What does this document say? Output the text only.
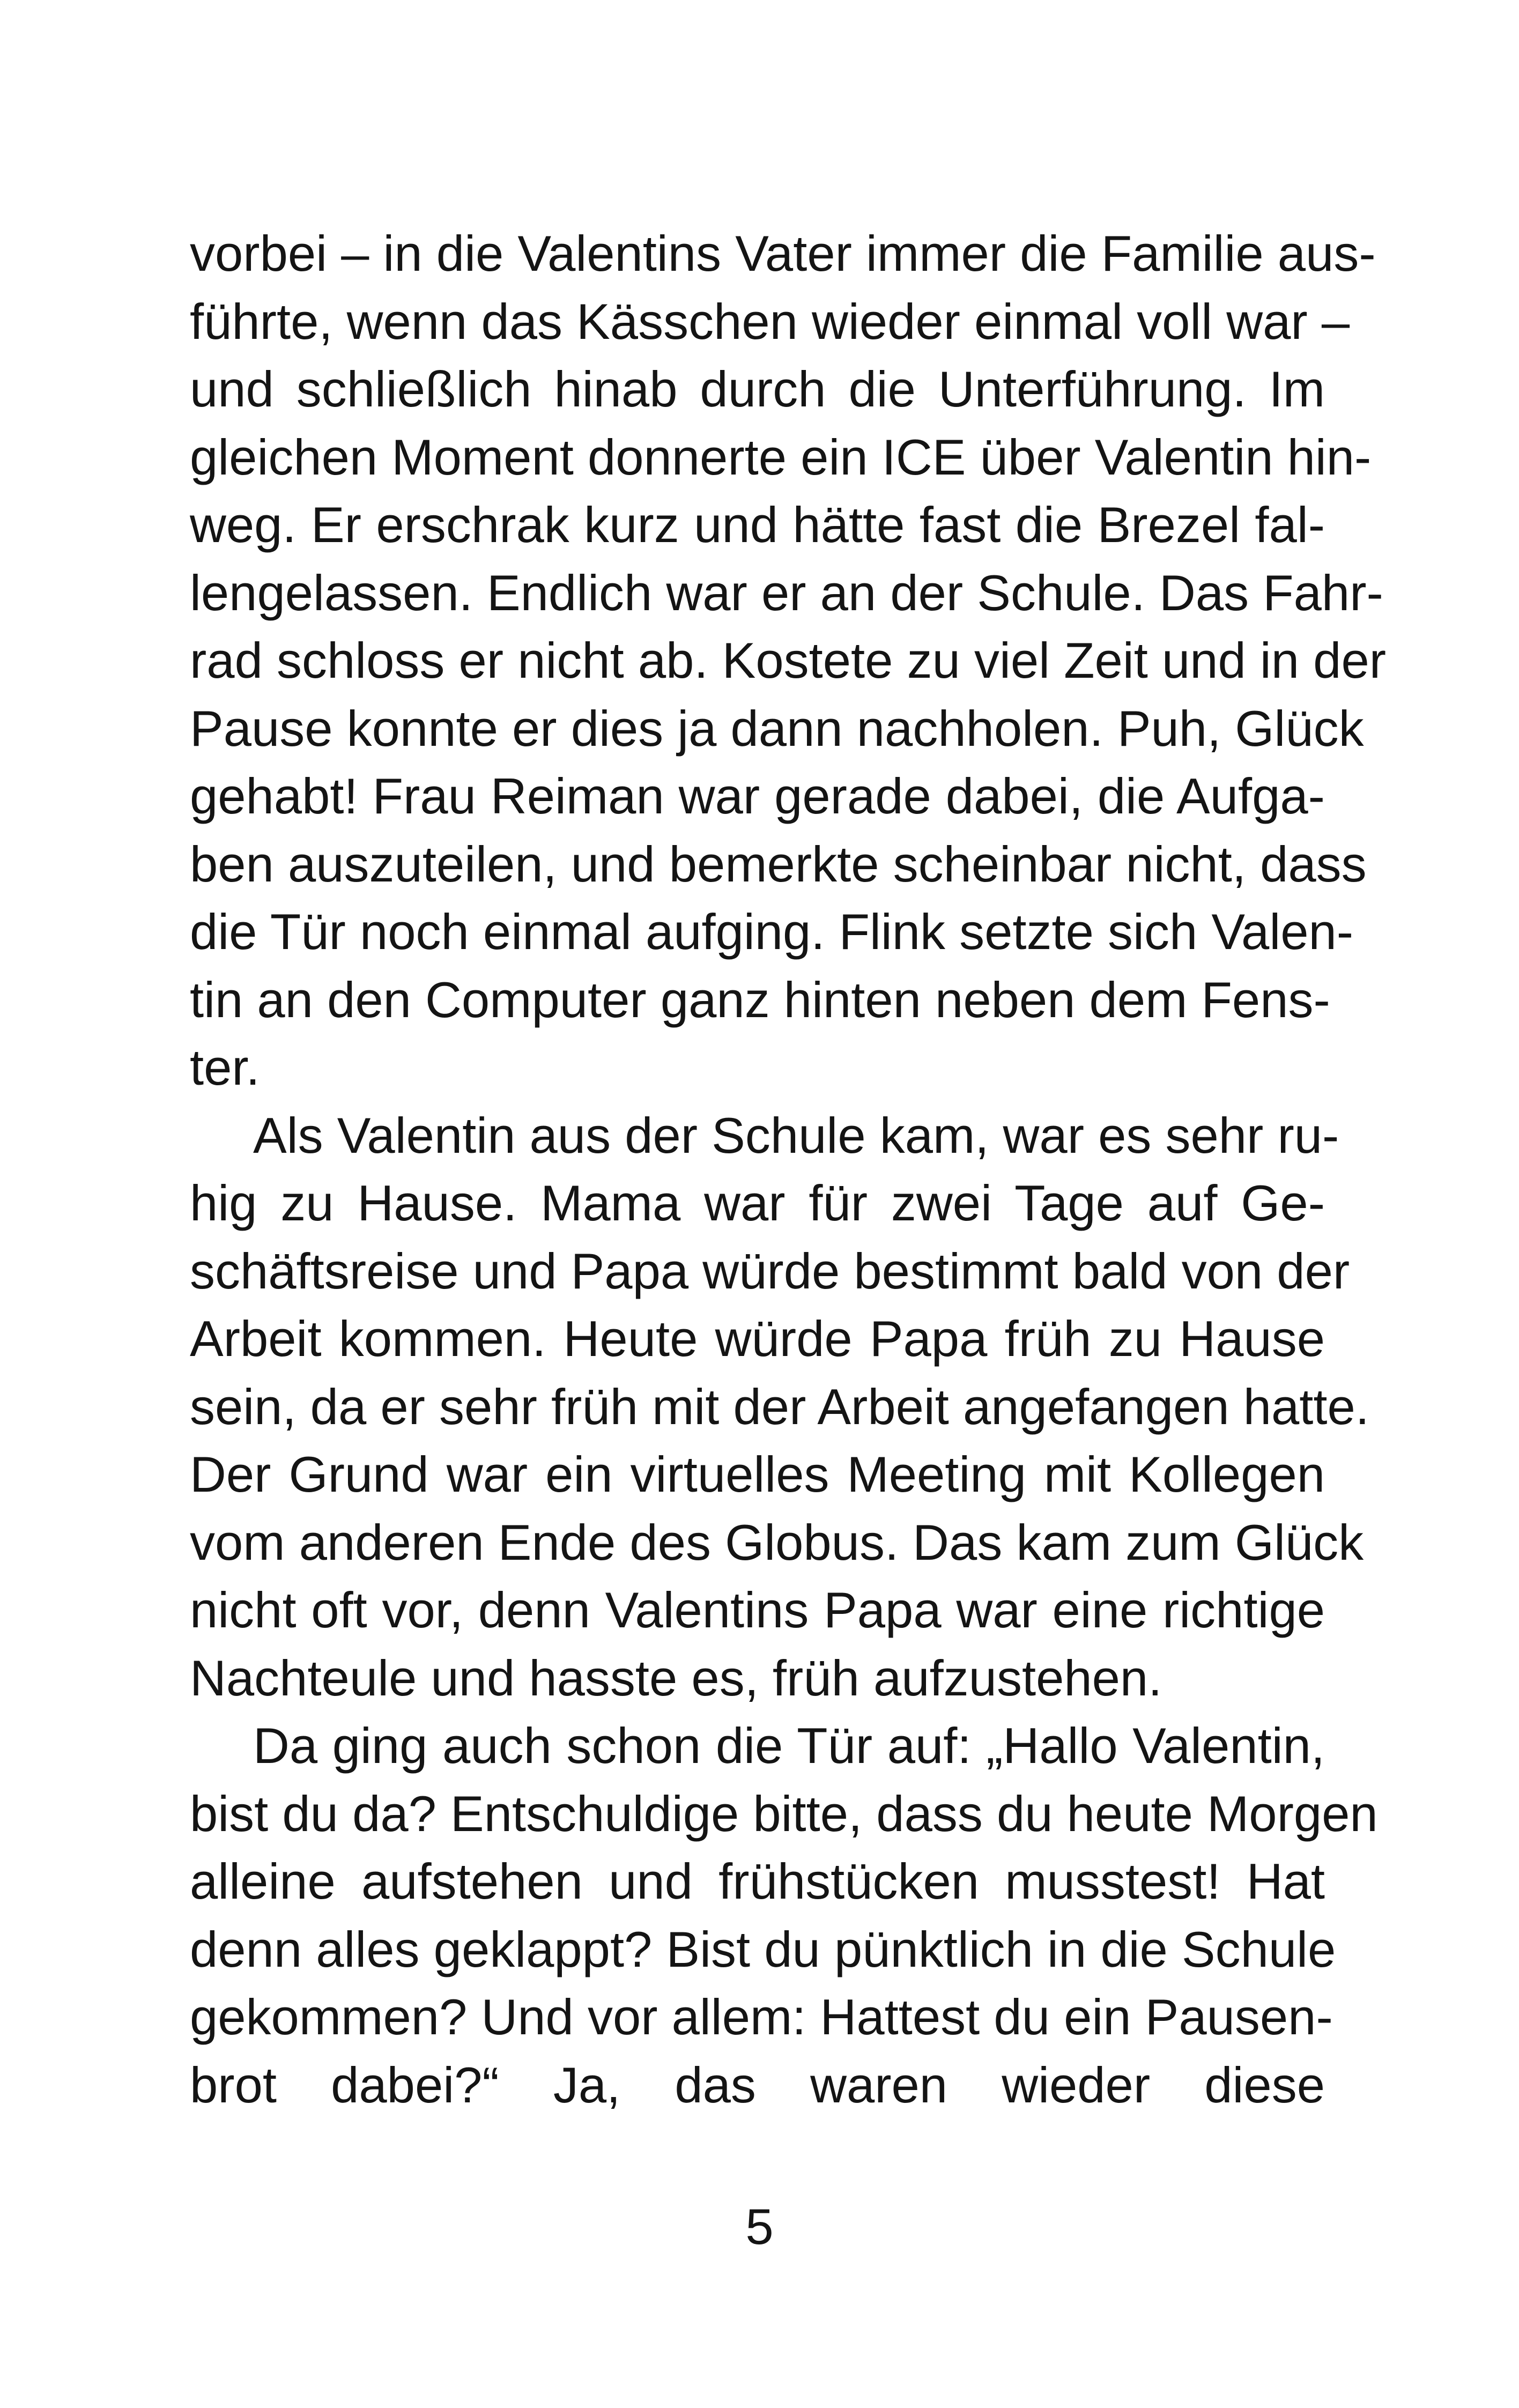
vorbei – in die Valentins Vater immer die Familie aus-
führte, wenn das Kässchen wieder einmal voll war –
und schließlich hinab durch die Unterführung. Im
gleichen Moment donnerte ein ICE über Valentin hin-
weg. Er erschrak kurz und hätte fast die Brezel fal-
lengelassen. Endlich war er an der Schule. Das Fahr-
rad schloss er nicht ab. Kostete zu viel Zeit und in der
Pause konnte er dies ja dann nachholen. Puh, Glück
gehabt! Frau Reiman war gerade dabei, die Aufga-
ben auszuteilen, und bemerkte scheinbar nicht, dass
die Tür noch einmal aufging. Flink setzte sich Valen-
tin an den Computer ganz hinten neben dem Fens-
ter.
Als Valentin aus der Schule kam, war es sehr ru-
hig zu Hause. Mama war für zwei Tage auf Ge-
schäftsreise und Papa würde bestimmt bald von der
Arbeit kommen. Heute würde Papa früh zu Hause
sein, da er sehr früh mit der Arbeit angefangen hatte.
Der Grund war ein virtuelles Meeting mit Kollegen
vom anderen Ende des Globus. Das kam zum Glück
nicht oft vor, denn Valentins Papa war eine richtige
Nachteule und hasste es, früh aufzustehen.
Da ging auch schon die Tür auf: „Hallo Valentin,
bist du da? Entschuldige bitte, dass du heute Morgen
alleine aufstehen und frühstücken musstest! Hat
denn alles geklappt? Bist du pünktlich in die Schule
gekommen? Und vor allem: Hattest du ein Pausen-
brot dabei?“ Ja, das waren wieder diese
5
